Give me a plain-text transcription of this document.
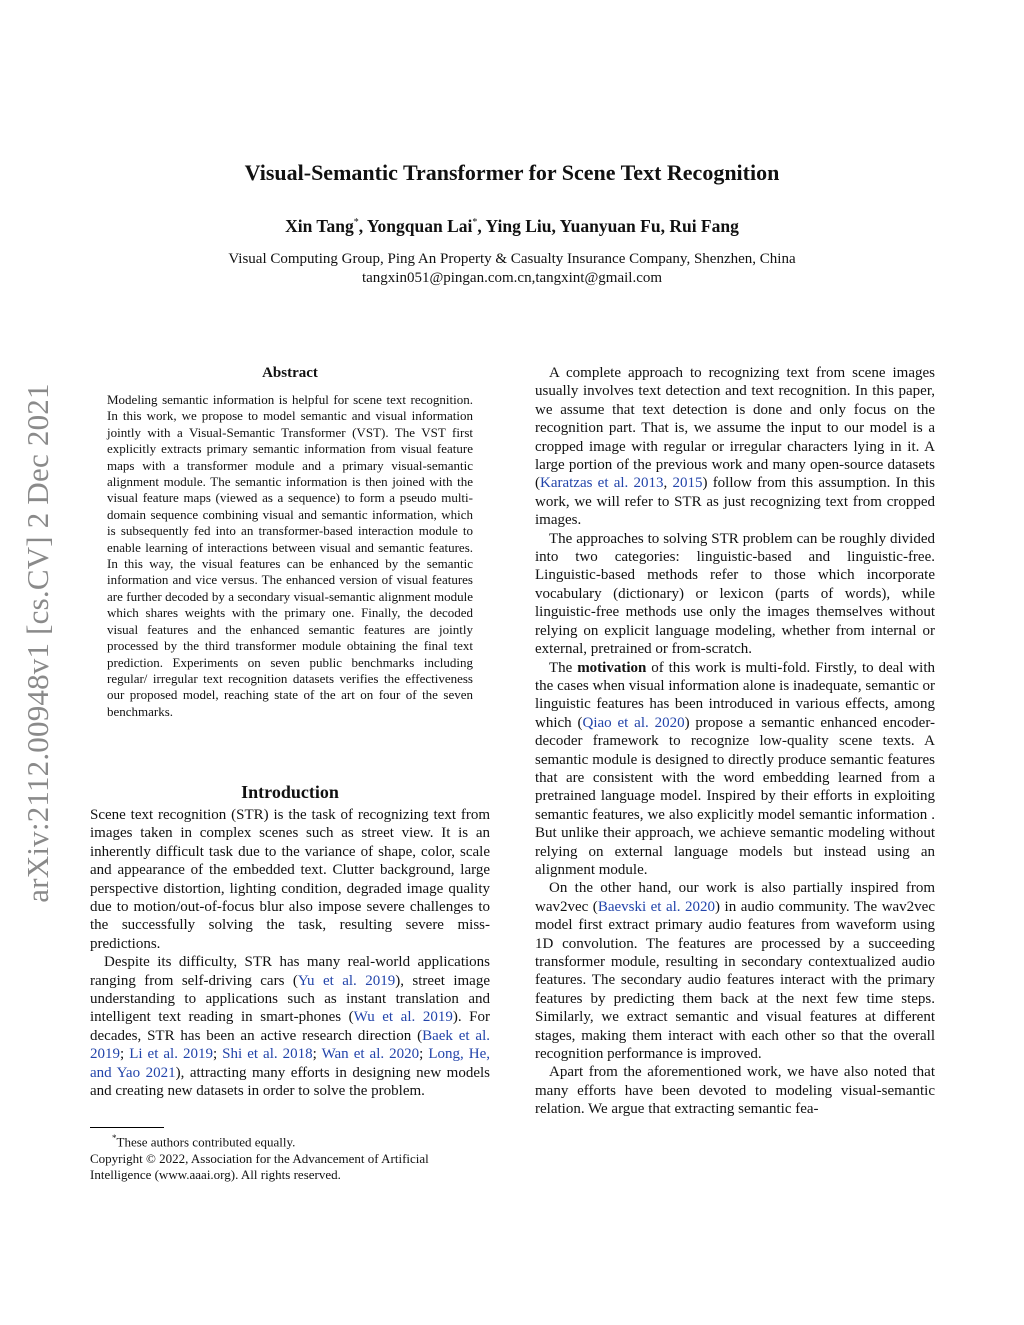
arXiv:2112.00948v1 [cs.CV] 2 Dec 2021
Visual-Semantic Transformer for Scene Text Recognition
Xin Tang*, Yongquan Lai*, Ying Liu, Yuanyuan Fu, Rui Fang
Visual Computing Group, Ping An Property & Casualty Insurance Company, Shenzhen, China
tangxin051@pingan.com.cn,tangxint@gmail.com
Abstract
Modeling semantic information is helpful for scene text recognition. In this work, we propose to model semantic and visual information jointly with a Visual-Semantic Transformer (VST). The VST first explicitly extracts primary semantic information from visual feature maps with a transformer module and a primary visual-semantic alignment module. The semantic information is then joined with the visual feature maps (viewed as a sequence) to form a pseudo multi-domain sequence combining visual and semantic information, which is subsequently fed into an transformer-based interaction module to enable learning of interactions between visual and semantic features. In this way, the visual features can be enhanced by the semantic information and vice versus. The enhanced version of visual features are further decoded by a secondary visual-semantic alignment module which shares weights with the primary one. Finally, the decoded visual features and the enhanced semantic features are jointly processed by the third transformer module obtaining the final text prediction. Experiments on seven public benchmarks including regular/ irregular text recognition datasets verifies the effectiveness our proposed model, reaching state of the art on four of the seven benchmarks.
Introduction

Scene text recognition (STR) is the task of recognizing text from images taken in complex scenes such as street view. It is an inherently difficult task due to the variance of shape, color, scale and appearance of the embedded text. Clutter background, large perspective distortion, lighting condition, degraded image quality due to motion/out-of-focus blur also impose severe challenges to the successfully solving the task, resulting severe miss-predictions.

Despite its difficulty, STR has many real-world applications ranging from self-driving cars (Yu et al. 2019), street image understanding to applications such as instant translation and intelligent text reading in smart-phones (Wu et al. 2019). For decades, STR has been an active research direction (Baek et al. 2019; Li et al. 2019; Shi et al. 2018; Wan et al. 2020; Long, He, and Yao 2021), attracting many efforts in designing new models and creating new datasets in order to solve the problem.

*These authors contributed equally.
Copyright © 2022, Association for the Advancement of Artificial Intelligence (www.aaai.org). All rights reserved.

A complete approach to recognizing text from scene images usually involves text detection and text recognition. In this paper, we assume that text detection is done and only focus on the recognition part. That is, we assume the input to our model is a cropped image with regular or irregular characters lying in it. A large portion of the previous work and many open-source datasets (Karatzas et al. 2013, 2015) follow from this assumption. In this work, we will refer to STR as just recognizing text from cropped images.

The approaches to solving STR problem can be roughly divided into two categories: linguistic-based and linguistic-free. Linguistic-based methods refer to those which incorporate vocabulary (dictionary) or lexicon (parts of words), while linguistic-free methods use only the images themselves without relying on explicit language modeling, whether from internal or external, pretrained or from-scratch.

The motivation of this work is multi-fold. Firstly, to deal with the cases when visual information alone is inadequate, semantic or linguistic features has been introduced in various effects, among which (Qiao et al. 2020) propose a semantic enhanced encoder-decoder framework to recognize low-quality scene texts. A semantic module is designed to directly produce semantic features that are consistent with the word embedding learned from a pretrained language model. Inspired by their efforts in exploiting semantic features, we also explicitly model semantic information . But unlike their approach, we achieve semantic modeling without relying on external language models but instead using an alignment module.

On the other hand, our work is also partially inspired from wav2vec (Baevski et al. 2020) in audio community. The wav2vec model first extract primary audio features from waveform using 1D convolution. The features are processed by a succeeding transformer module, resulting in secondary contextualized audio features. The secondary audio features interact with the primary features by predicting them back at the next few time steps. Similarly, we extract semantic and visual features at different stages, making them interact with each other so that the overall recognition performance is improved.

Apart from the aforementioned work, we have also noted that many efforts have been devoted to modeling visual-semantic relation. We argue that extracting semantic fea-
